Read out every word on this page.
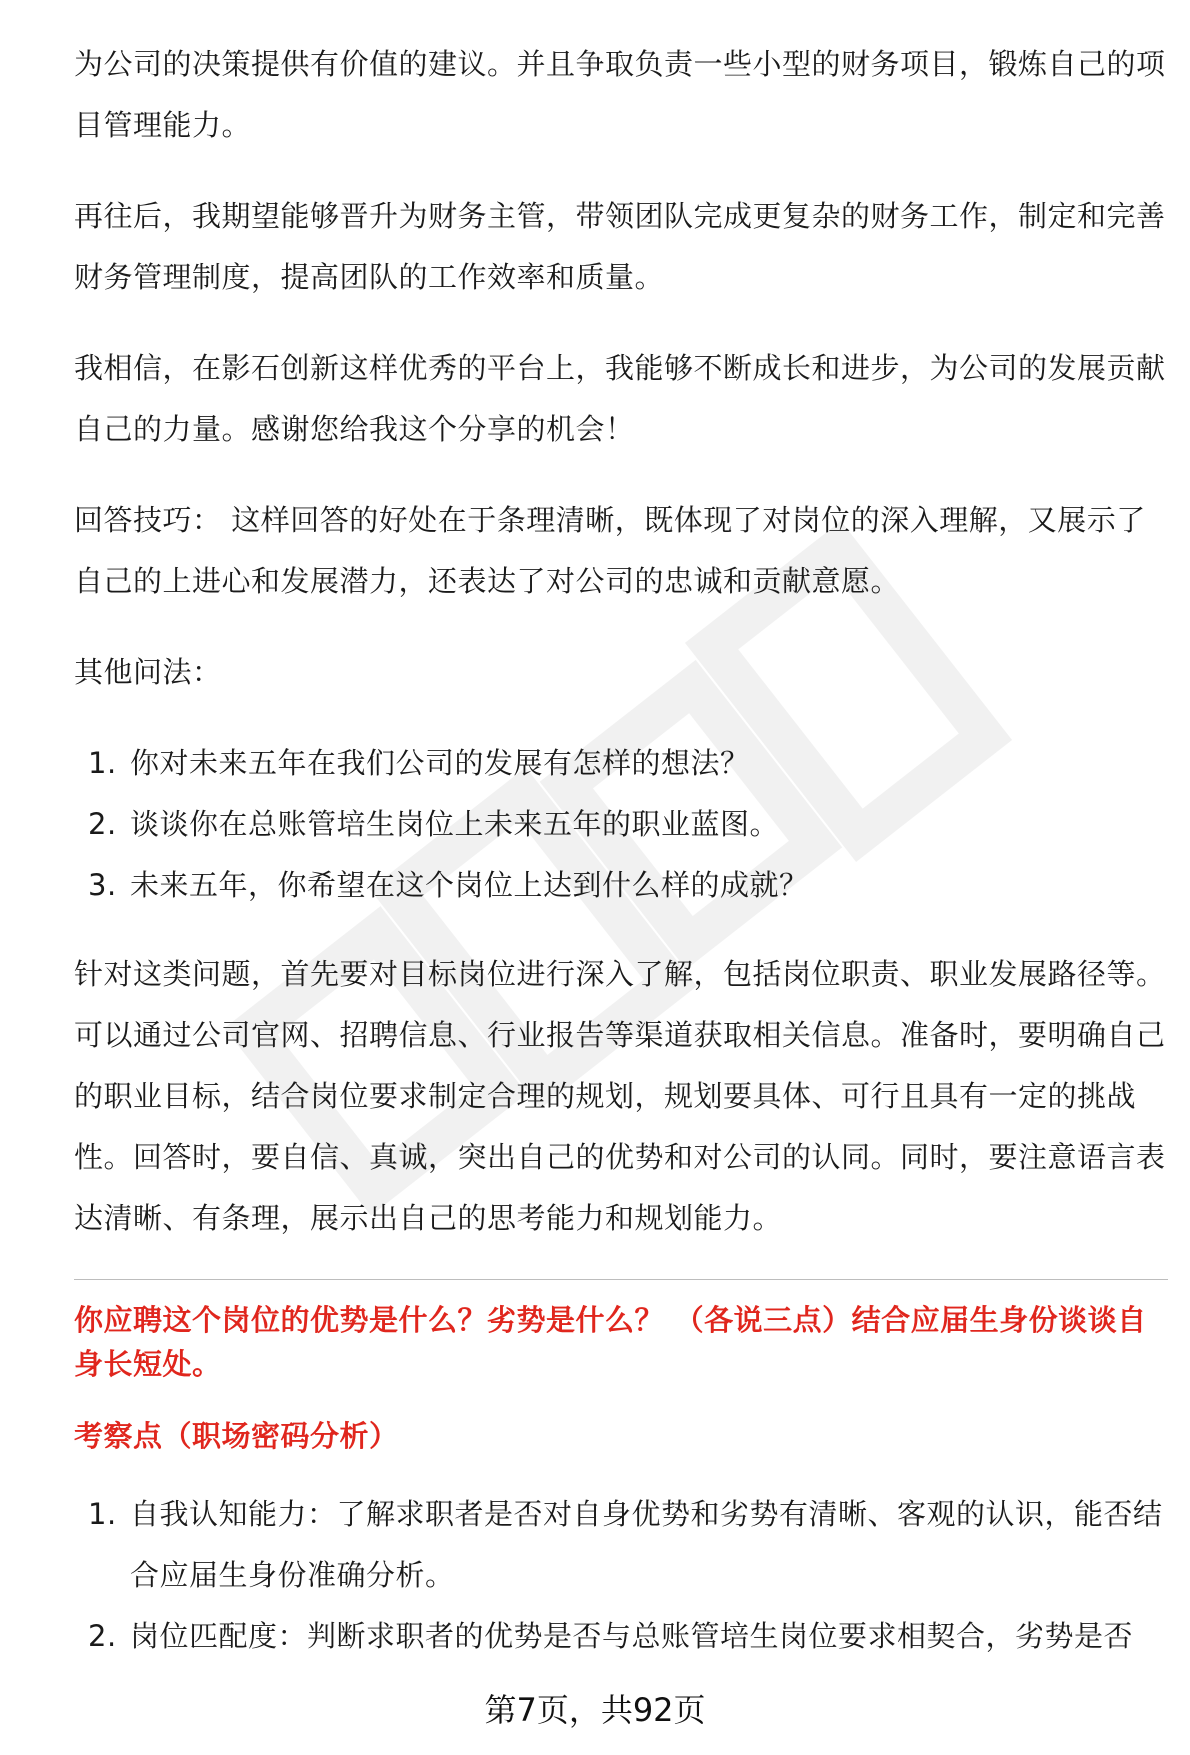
为公司的决策提供有价值的建议。并且争取负责一些小型的财务项目，锻炼自己的项目管理能力。

再往后，我期望能够晋升为财务主管，带领团队完成更复杂的财务工作，制定和完善财务管理制度，提高团队的工作效率和质量。

我相信，在影石创新这样优秀的平台上，我能够不断成长和进步，为公司的发展贡献自己的力量。感谢您给我这个分享的机会！

回答技巧： 这样回答的好处在于条理清晰，既体现了对岗位的深入理解，又展示了自己的上进心和发展潜力，还表达了对公司的忠诚和贡献意愿。

其他问法：

1. 你对未来五年在我们公司的发展有怎样的想法？
2. 谈谈你在总账管培生岗位上未来五年的职业蓝图。
3. 未来五年，你希望在这个岗位上达到什么样的成就？

针对这类问题，首先要对目标岗位进行深入了解，包括岗位职责、职业发展路径等。可以通过公司官网、招聘信息、行业报告等渠道获取相关信息。准备时，要明确自己的职业目标，结合岗位要求制定合理的规划，规划要具体、可行且具有一定的挑战性。回答时，要自信、真诚，突出自己的优势和对公司的认同。同时，要注意语言表达清晰、有条理，展示出自己的思考能力和规划能力。

你应聘这个岗位的优势是什么？劣势是什么？ （各说三点）结合应届生身份谈谈自身长短处。
考察点（职场密码分析）
1. 自我认知能力：了解求职者是否对自身优势和劣势有清晰、客观的认识，能否结合应届生身份准确分析。
2. 岗位匹配度：判断求职者的优势是否与总账管培生岗位要求相契合，劣势是否
第7页，共92页
